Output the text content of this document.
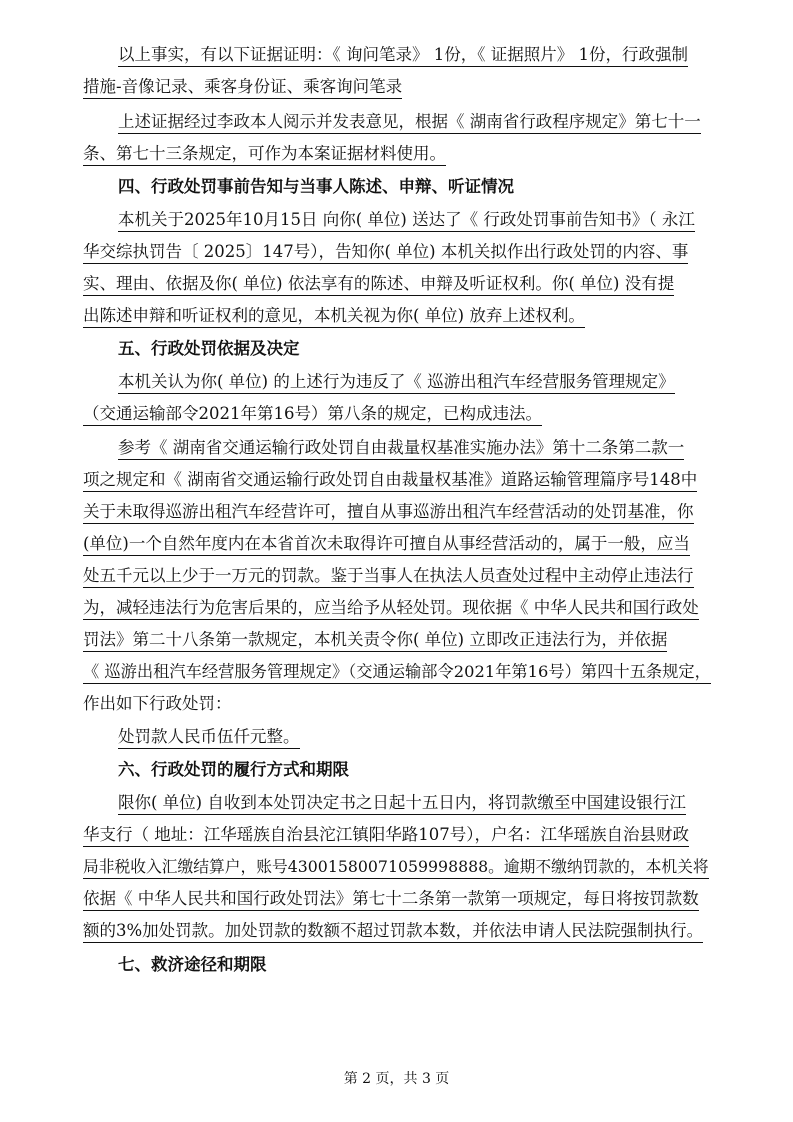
以上事实，有以下证据证明：《 询问笔录》 1份，《 证据照片》 1份，行政强制
措施-音像记录、乘客身份证、乘客询问笔录
上述证据经过李政本人阅示并发表意见，根据《 湖南省行政程序规定》第七十一
条、第七十三条规定，可作为本案证据材料使用。
四、行政处罚事前告知与当事人陈述、申辩、听证情况
本机关于2025年10月15日 向你( 单位) 送达了《 行政处罚事前告知书》（ 永江
华交综执罚告〔 2025〕147号），告知你( 单位) 本机关拟作出行政处罚的内容、事
实、理由、依据及你( 单位) 依法享有的陈述、申辩及听证权利。你( 单位) 没有提
出陈述申辩和听证权利的意见，本机关视为你( 单位) 放弃上述权利。
五、行政处罚依据及决定
本机关认为你( 单位) 的上述行为违反了《 巡游出租汽车经营服务管理规定》
（交通运输部令2021年第16号）第八条的规定，已构成违法。
参考《 湖南省交通运输行政处罚自由裁量权基准实施办法》第十二条第二款一
项之规定和《 湖南省交通运输行政处罚自由裁量权基准》道路运输管理篇序号148中
关于未取得巡游出租汽车经营许可，擅自从事巡游出租汽车经营活动的处罚基准，你
(单位)一个自然年度内在本省首次未取得许可擅自从事经营活动的，属于一般，应当
处五千元以上少于一万元的罚款。鉴于当事人在执法人员查处过程中主动停止违法行
为，减轻违法行为危害后果的，应当给予从轻处罚。现依据《 中华人民共和国行政处
罚法》第二十八条第一款规定，本机关责令你( 单位) 立即改正违法行为，并依据
《 巡游出租汽车经营服务管理规定》（交通运输部令2021年第16号）第四十五条规定，
作出如下行政处罚：
处罚款人民币伍仟元整。
六、行政处罚的履行方式和期限
限你( 单位) 自收到本处罚决定书之日起十五日内，将罚款缴至中国建设银行江
华支行（ 地址：江华瑶族自治县沱江镇阳华路107号），户名：江华瑶族自治县财政
局非税收入汇缴结算户，账号43001580071059998888。逾期不缴纳罚款的，本机关将
依据《 中华人民共和国行政处罚法》第七十二条第一款第一项规定，每日将按罚款数
额的3%加处罚款。加处罚款的数额不超过罚款本数，并依法申请人民法院强制执行。
七、救济途径和期限
第 2 页，共 3 页
